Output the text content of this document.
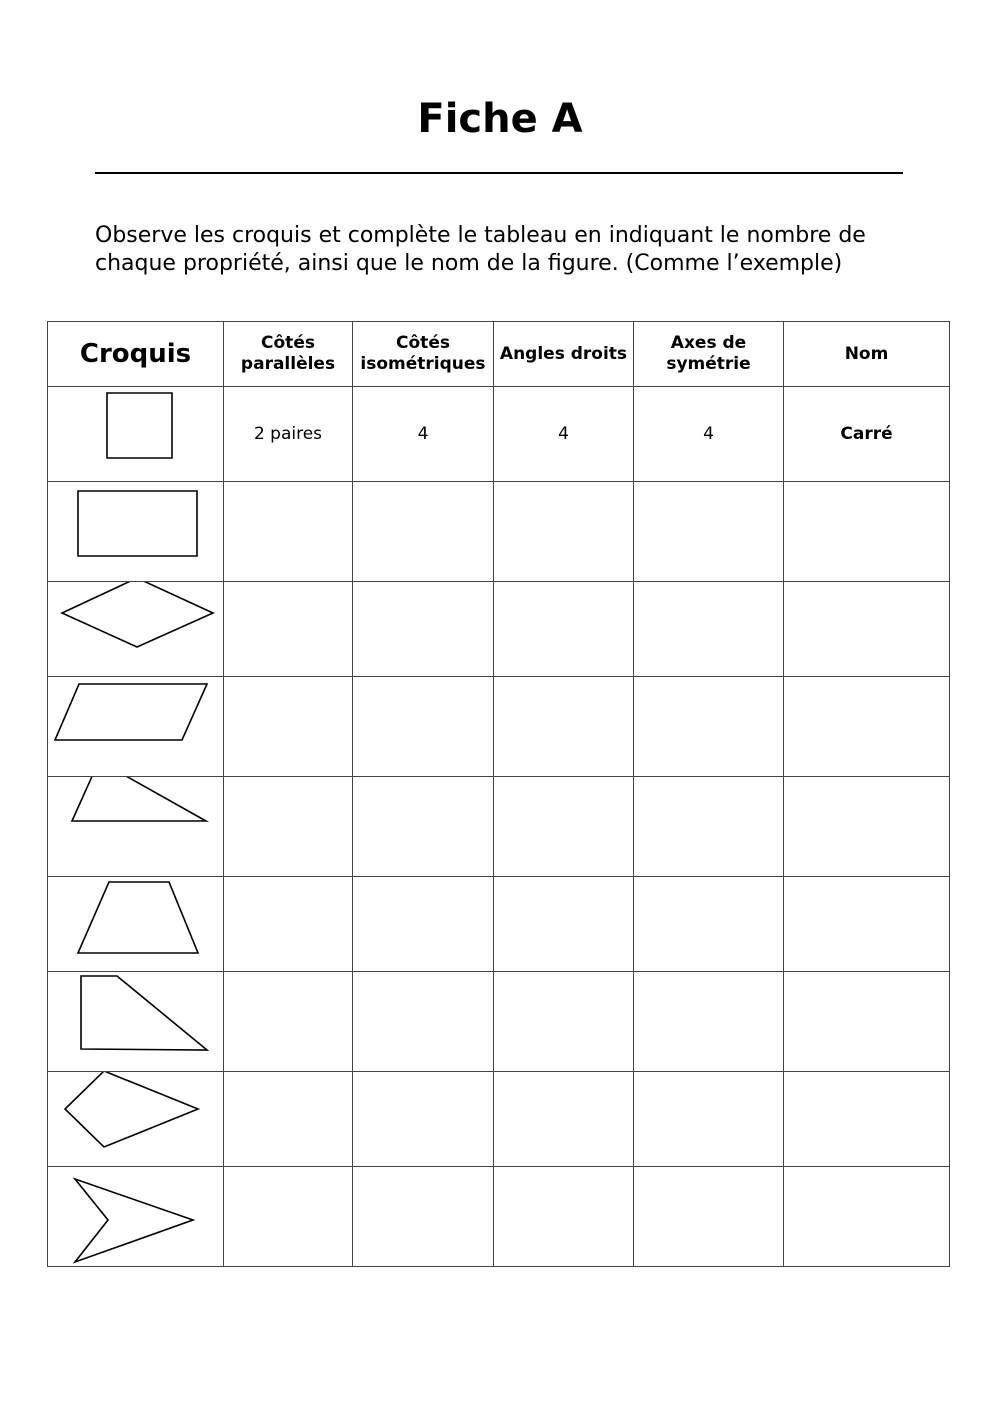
Fiche A
Observe les croquis et complète le tableau en indiquant le nombre de chaque propriété, ainsi que le nom de la figure. (Comme l’exemple)
Croquis	Côtés parallèles	Côtés isométriques	Angles droits	Axes de symétrie	Nom

	2 paires	4	4	4	Carré
